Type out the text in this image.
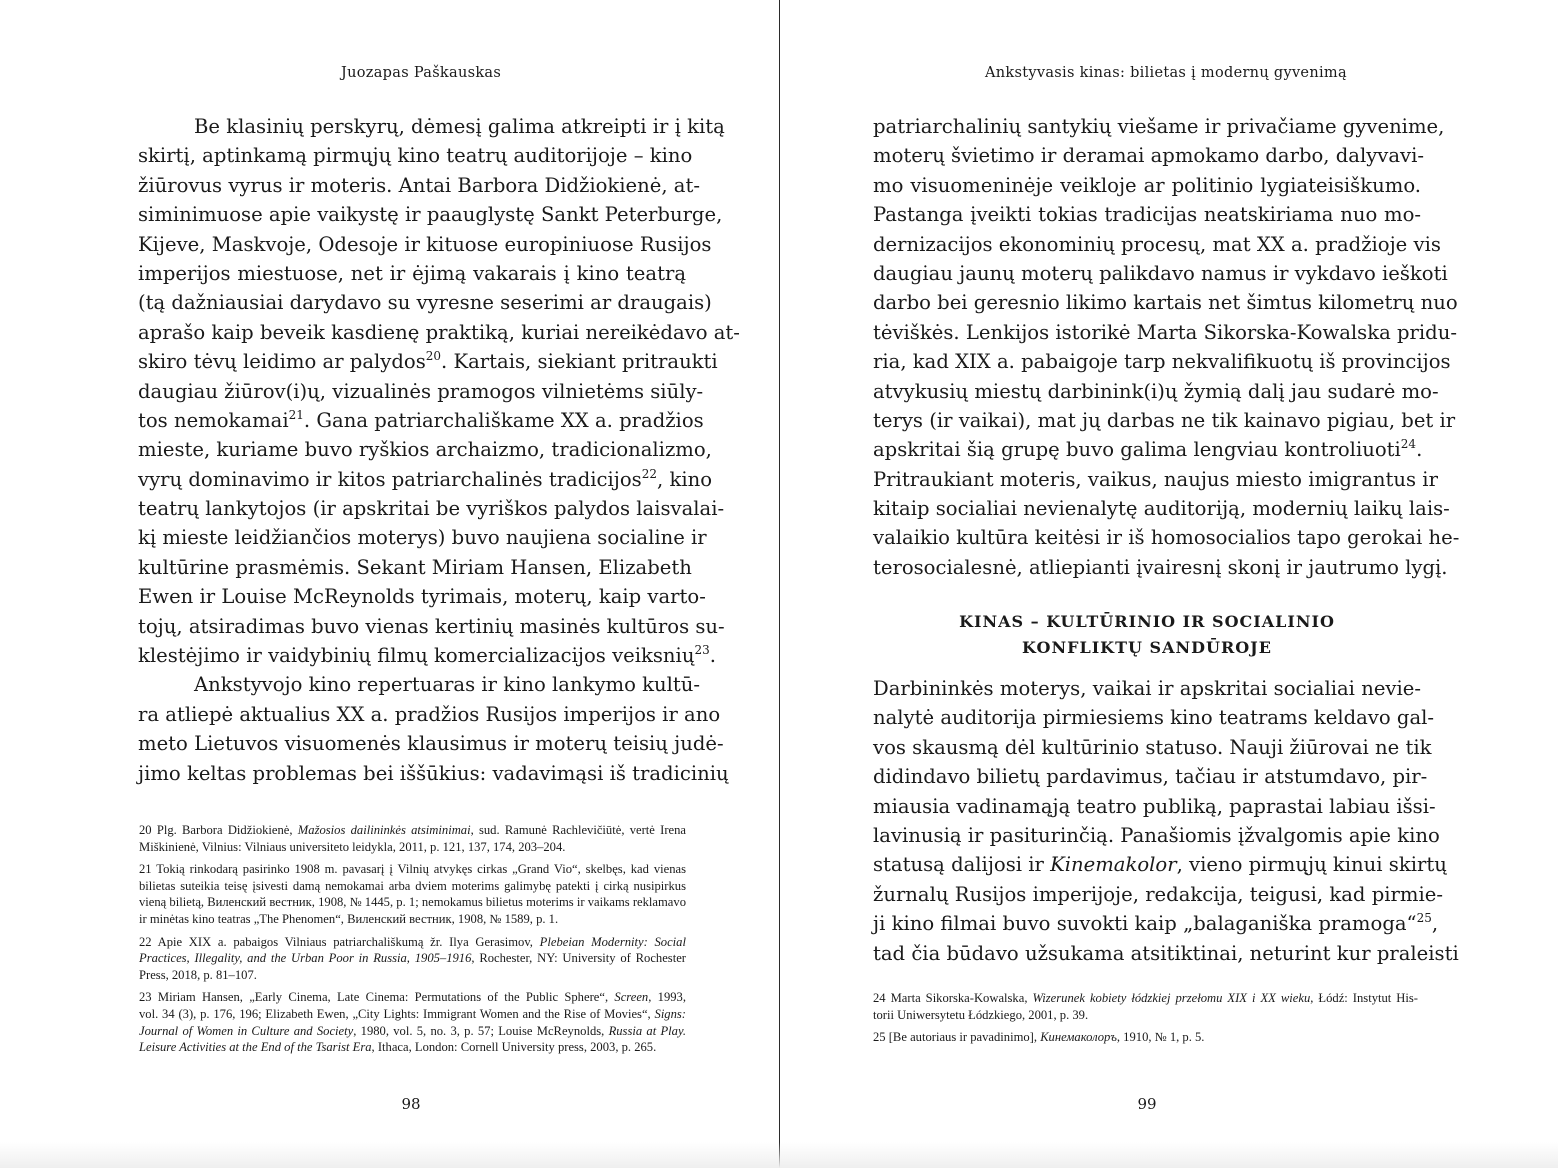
Juozapas Paškauskas
Be klasinių perskyrų, dėmesį galima atkreipti ir į kitą
skirtį, aptinkamą pirmųjų kino teatrų auditorijoje – kino
žiūrovus vyrus ir moteris. Antai Barbora Didžiokienė, at-
siminimuose apie vaikystę ir paauglystę Sankt Peterburge,
Kijeve, Maskvoje, Odesoje ir kituose europiniuose Rusijos
imperijos miestuose, net ir ėjimą vakarais į kino teatrą
(tą dažniausiai darydavo su vyresne seserimi ar draugais)
aprašo kaip beveik kasdienę praktiką, kuriai nereikėdavo at-
skiro tėvų leidimo ar palydos$^{20}$. Kartais, siekiant pritraukti
daugiau žiūrov(i)ų, vizualinės pramogos vilnietėms siūly-
tos nemokamai$^{21}$. Gana patriarchališkame XX a. pradžios
mieste, kuriame buvo ryškios archaizmo, tradicionalizmo,
vyrų dominavimo ir kitos patriarchalinės tradicijos$^{22}$, kino
teatrų lankytojos (ir apskritai be vyriškos palydos laisvalai-
kį mieste leidžiančios moterys) buvo naujiena socialine ir
kultūrine prasmėmis. Sekant Miriam Hansen, Elizabeth
Ewen ir Louise McReynolds tyrimais, moterų, kaip varto-
tojų, atsiradimas buvo vienas kertinių masinės kultūros su-
klestėjimo ir vaidybinių filmų komercializacijos veiksnių$^{23}$.
Ankstyvojo kino repertuaras ir kino lankymo kultū-
ra atliepė aktualius XX a. pradžios Rusijos imperijos ir ano
meto Lietuvos visuomenės klausimus ir moterų teisių judė-
jimo keltas problemas bei iššūkius: vadavimąsi iš tradicinių
20 Plg. Barbora Didžiokienė, Mažosios dailininkės atsiminimai, sud. Ramunė Rachlevičiūtė, vertė Irena
Miškinienė, Vilnius: Vilniaus universiteto leidykla, 2011, p. 121, 137, 174, 203–204.
21 Tokią rinkodarą pasirinko 1908 m. pavasarį į Vilnių atvykęs cirkas „Grand Vio“, skelbęs, kad vienas
bilietas suteikia teisę įsivesti damą nemokamai arba dviem moterims galimybę patekti į cirką nusipirkus
vieną bilietą, Виленский вестник, 1908, № 1445, p. 1; nemokamus bilietus moterims ir vaikams reklamavo
ir minėtas kino teatras „The Phenomen“, Виленский вестник, 1908, № 1589, p. 1.
22 Apie XIX a. pabaigos Vilniaus patriarchališkumą žr. Ilya Gerasimov, Plebeian Modernity: Social
Practices, Illegality, and the Urban Poor in Russia, 1905–1916, Rochester, NY: University of Rochester
Press, 2018, p. 81–107.
23 Miriam Hansen, „Early Cinema, Late Cinema: Permutations of the Public Sphere“, Screen, 1993,
vol. 34 (3), p. 176, 196; Elizabeth Ewen, „City Lights: Immigrant Women and the Rise of Movies“, Signs:
Journal of Women in Culture and Society, 1980, vol. 5, no. 3, p. 57; Louise McReynolds, Russia at Play.
Leisure Activities at the End of the Tsarist Era, Ithaca, London: Cornell University press, 2003, p. 265.
98
Ankstyvasis kinas: bilietas į modernų gyvenimą
patriarchalinių santykių viešame ir privačiame gyvenime,
moterų švietimo ir deramai apmokamo darbo, dalyvavi-
mo visuomeninėje veikloje ar politinio lygiateisiškumo.
Pastanga įveikti tokias tradicijas neatskiriama nuo mo-
dernizacijos ekonominių procesų, mat XX a. pradžioje vis
daugiau jaunų moterų palikdavo namus ir vykdavo ieškoti
darbo bei geresnio likimo kartais net šimtus kilometrų nuo
tėviškės. Lenkijos istorikė Marta Sikorska-Kowalska pridu-
ria, kad XIX a. pabaigoje tarp nekvalifikuotų iš provincijos
atvykusių miestų darbinink(i)ų žymią dalį jau sudarė mo-
terys (ir vaikai), mat jų darbas ne tik kainavo pigiau, bet ir
apskritai šią grupę buvo galima lengviau kontroliuoti$^{24}$.
Pritraukiant moteris, vaikus, naujus miesto imigrantus ir
kitaip socialiai nevienalytę auditoriją, modernių laikų lais-
valaikio kultūra keitėsi ir iš homosocialios tapo gerokai he-
terosocialesnė, atliepianti įvairesnį skonį ir jautrumo lygį.
KINAS – KULTŪRINIO IR SOCIALINIO
KONFLIKTŲ SANDŪROJE
Darbininkės moterys, vaikai ir apskritai socialiai nevie-
nalytė auditorija pirmiesiems kino teatrams keldavo gal-
vos skausmą dėl kultūrinio statuso. Nauji žiūrovai ne tik
didindavo bilietų pardavimus, tačiau ir atstumdavo, pir-
miausia vadinamąją teatro publiką, paprastai labiau išsi-
lavinusią ir pasiturinčią. Panašiomis įžvalgomis apie kino
statusą dalijosi ir Kinemakolor, vieno pirmųjų kinui skirtų
žurnalų Rusijos imperijoje, redakcija, teigusi, kad pirmie-
ji kino filmai buvo suvokti kaip „balaganiška pramoga“$^{25}$,
tad čia būdavo užsukama atsitiktinai, neturint kur praleisti
24 Marta Sikorska-Kowalska, Wizerunek kobiety łódzkiej przełomu XIX i XX wieku, Łódź: Instytut His-
torii Uniwersytetu Łódzkiego, 2001, p. 39.
25 [Be autoriaus ir pavadinimo], Кинемаколоръ, 1910, № 1, p. 5.
99
